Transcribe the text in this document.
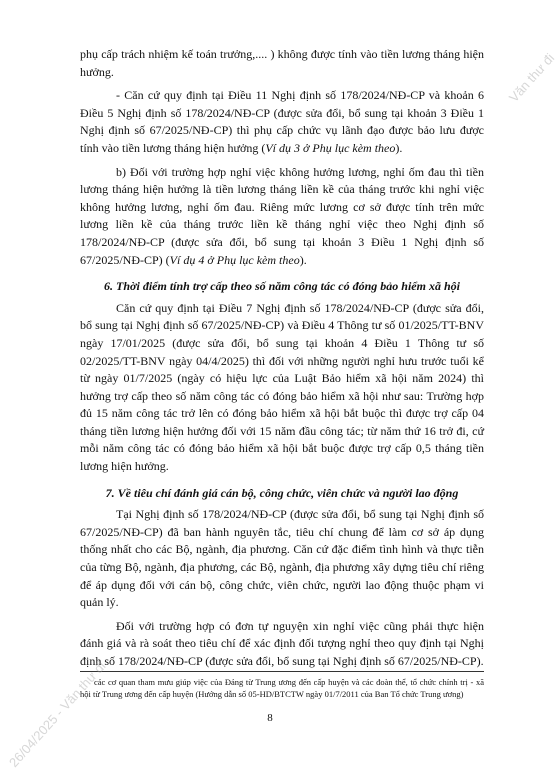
phụ cấp trách nhiệm kế toán trưởng,.... ) không được tính vào tiền lương tháng hiện hưởng.

- Căn cứ quy định tại Điều 11 Nghị định số 178/2024/NĐ-CP và khoản 6 Điều 5 Nghị định số 178/2024/NĐ-CP (được sửa đổi, bổ sung tại khoản 3 Điều 1 Nghị định số 67/2025/NĐ-CP) thì phụ cấp chức vụ lãnh đạo được bảo lưu được tính vào tiền lương tháng hiện hưởng (Ví dụ 3 ở Phụ lục kèm theo).

b) Đối với trường hợp nghỉ việc không hưởng lương, nghỉ ốm đau thì tiền lương tháng hiện hưởng là tiền lương tháng liền kề của tháng trước khi nghỉ việc không hưởng lương, nghỉ ốm đau. Riêng mức lương cơ sở được tính trên mức lương liền kề của tháng trước liền kề tháng nghỉ việc theo Nghị định số 178/2024/NĐ-CP (được sửa đổi, bổ sung tại khoản 3 Điều 1 Nghị định số 67/2025/NĐ-CP) (Ví dụ 4 ở Phụ lục kèm theo).

6. Thời điểm tính trợ cấp theo số năm công tác có đóng bảo hiểm xã hội

Căn cứ quy định tại Điều 7 Nghị định số 178/2024/NĐ-CP (được sửa đổi, bổ sung tại Nghị định số 67/2025/NĐ-CP) và Điều 4 Thông tư số 01/2025/TT-BNV ngày 17/01/2025 (được sửa đổi, bổ sung tại khoản 4 Điều 1 Thông tư số 02/2025/TT-BNV ngày 04/4/2025) thì đối với những người nghỉ hưu trước tuổi kể từ ngày 01/7/2025 (ngày có hiệu lực của Luật Bảo hiểm xã hội năm 2024) thì hưởng trợ cấp theo số năm công tác có đóng bảo hiểm xã hội như sau: Trường hợp đủ 15 năm công tác trở lên có đóng bảo hiểm xã hội bắt buộc thì được trợ cấp 04 tháng tiền lương hiện hưởng đối với 15 năm đầu công tác; từ năm thứ 16 trở đi, cứ mỗi năm công tác có đóng bảo hiểm xã hội bắt buộc được trợ cấp 0,5 tháng tiền lương hiện hưởng.

7. Về tiêu chí đánh giá cán bộ, công chức, viên chức và người lao động

Tại Nghị định số 178/2024/NĐ-CP (được sửa đổi, bổ sung tại Nghị định số 67/2025/NĐ-CP) đã ban hành nguyên tắc, tiêu chí chung để làm cơ sở áp dụng thống nhất cho các Bộ, ngành, địa phương. Căn cứ đặc điểm tình hình và thực tiễn của từng Bộ, ngành, địa phương, các Bộ, ngành, địa phương xây dựng tiêu chí riêng để áp dụng đối với cán bộ, công chức, viên chức, người lao động thuộc phạm vi quản lý.

Đối với trường hợp có đơn tự nguyện xin nghỉ việc cũng phải thực hiện đánh giá và rà soát theo tiêu chí để xác định đối tượng nghỉ theo quy định tại Nghị định số 178/2024/NĐ-CP (được sửa đổi, bổ sung tại Nghị định số 67/2025/NĐ-CP).

các cơ quan tham mưu giúp việc của Đảng từ Trung ương đến cấp huyện và các đoàn thể, tổ chức chính trị - xã hội từ Trung ương đến cấp huyện (Hướng dẫn số 05-HD/BTCTW ngày 01/7/2011 của Ban Tổ chức Trung ương)
8
26/04/2025 - Văn thư đi
Văn thư đi
